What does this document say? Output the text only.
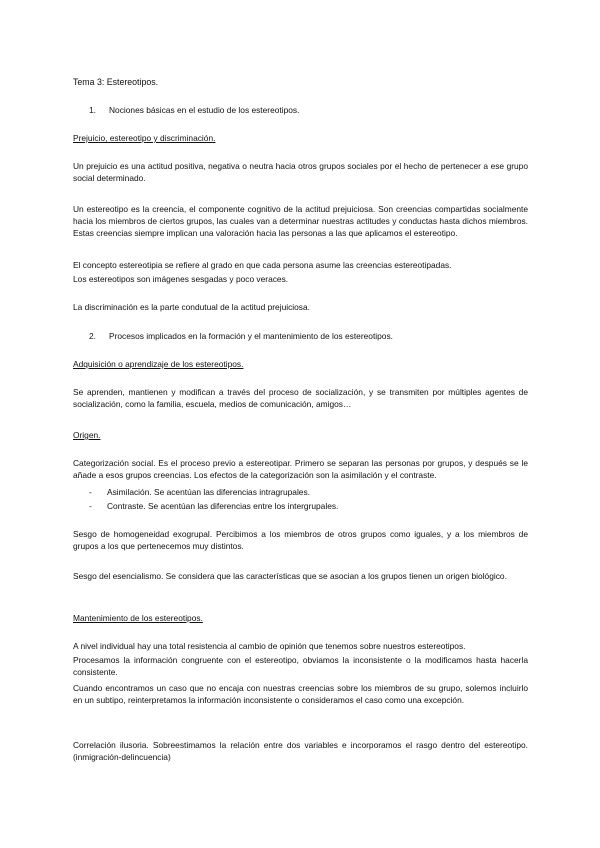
Tema 3: Estereotipos.

1. Nociones básicas en el estudio de los estereotipos.

Prejuicio, estereotipo y discriminación.

Un prejuicio es una actitud positiva, negativa o neutra hacia otros grupos sociales por el hecho de pertenecer a ese grupo social determinado.

Un estereotipo es la creencia, el componente cognitivo de la actitud prejuiciosa. Son creencias compartidas socialmente hacia los miembros de ciertos grupos, las cuales van a determinar nuestras actitudes y conductas hasta dichos miembros. Estas creencias siempre implican una valoración hacia las personas a las que aplicamos el estereotipo.

El concepto estereotipia se refiere al grado en que cada persona asume las creencias estereotipadas.

Los estereotipos son imágenes sesgadas y poco veraces.

La discriminación es la parte condutual de la actitud prejuiciosa.

2. Procesos implicados en la formación y el mantenimiento de los estereotipos.

Adquisición o aprendizaje de los estereotipos.

Se aprenden, mantienen y modifican a través del proceso de socialización, y se transmiten por múltiples agentes de socialización, como la familia, escuela, medios de comunicación, amigos…

Origen.

Categorización social. Es el proceso previo a estereotipar. Primero se separan las personas por grupos, y después se le añade a esos grupos creencias. Los efectos de la categorización son la asimilación y el contraste.

- Asimilación. Se acentúan las diferencias intragrupales.
- Contraste. Se acentúan las diferencias entre los intergrupales.

Sesgo de homogeneidad exogrupal. Percibimos a los miembros de otros grupos como iguales, y a los miembros de grupos a los que pertenecemos muy distintos.

Sesgo del esencialismo. Se considera que las características que se asocian a los grupos tienen un origen biológico.

Mantenimiento de los estereotipos.

A nivel individual hay una total resistencia al cambio de opinión que tenemos sobre nuestros estereotipos.

Procesamos la información congruente con el estereotipo, obviamos la inconsistente o la modificamos hasta hacerla consistente.

Cuando encontramos un caso que no encaja con nuestras creencias sobre los miembros de su grupo, solemos incluirlo en un subtipo, reinterpretamos la información inconsistente o consideramos el caso como una excepción.

Correlación ilusoria. Sobreestimamos la relación entre dos variables e incorporamos el rasgo dentro del estereotipo. (inmigración-delincuencia)
